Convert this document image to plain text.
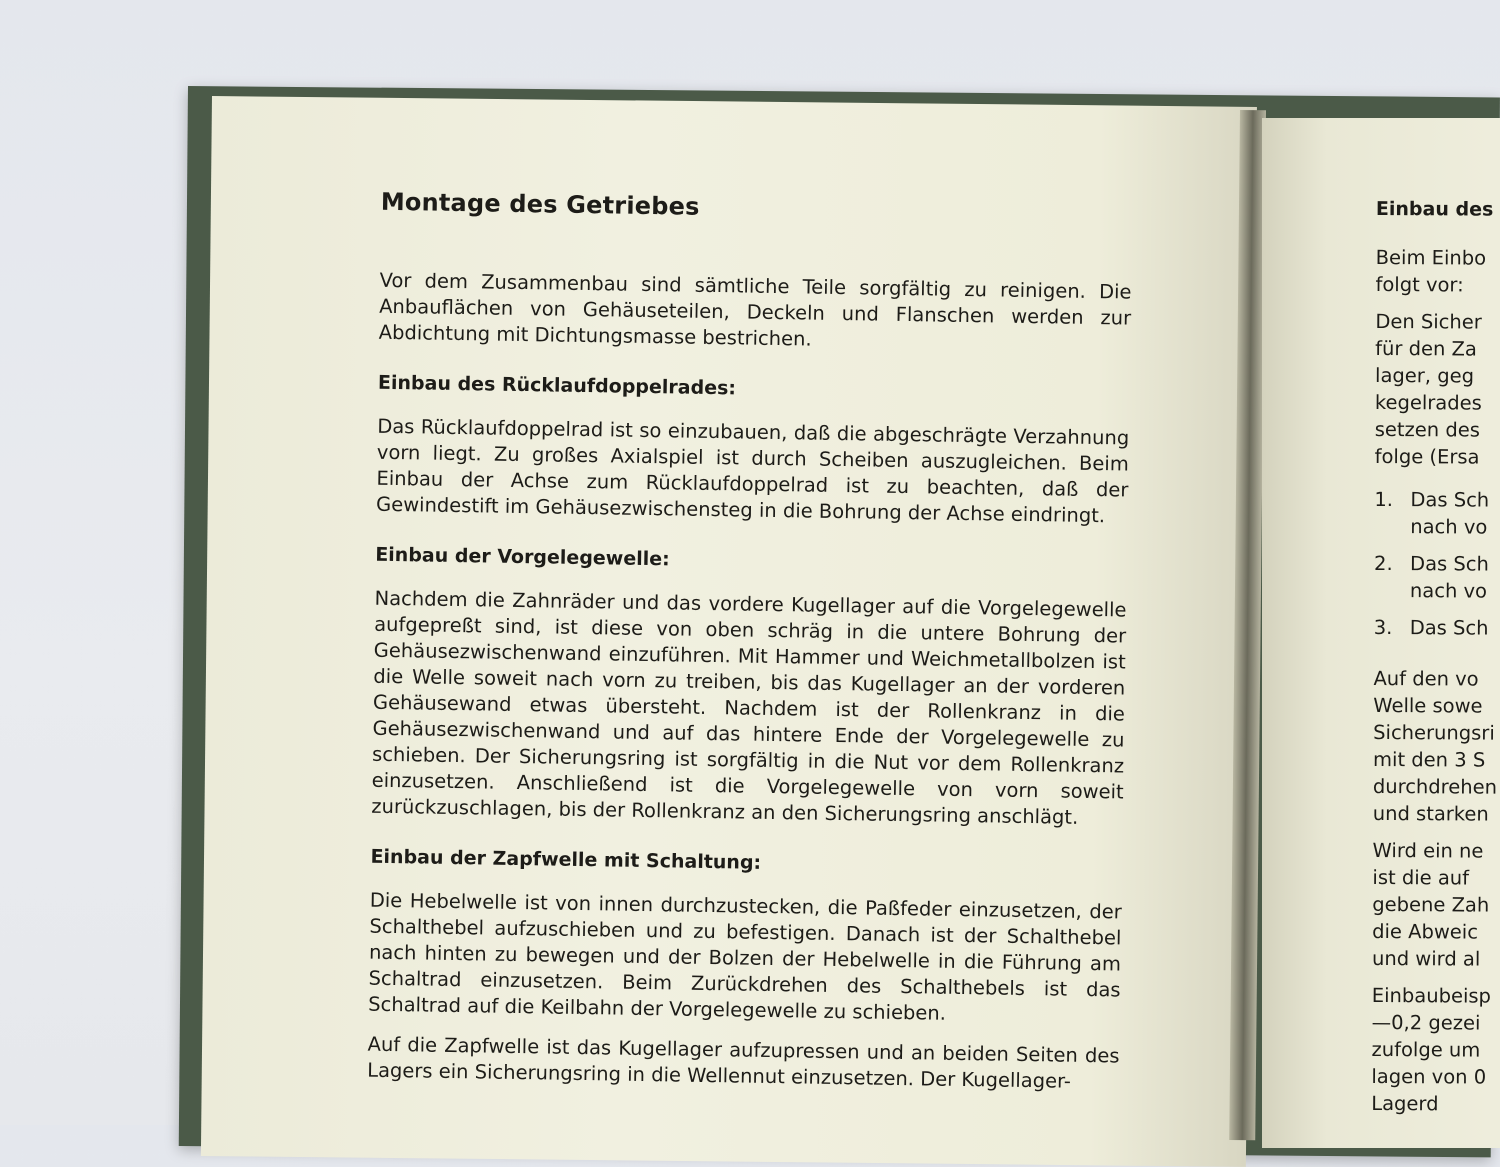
Montage des Getriebes

Vor dem Zusammenbau sind sämtliche Teile sorgfältig zu reinigen. Die Anbauflächen von Gehäuseteilen, Deckeln und Flanschen werden zur Abdichtung mit Dichtungsmasse bestrichen.

Einbau des Rücklaufdoppelrades:

Das Rücklaufdoppelrad ist so einzubauen, daß die abgeschrägte Verzahnung vorn liegt. Zu großes Axialspiel ist durch Scheiben auszugleichen. Beim Einbau der Achse zum Rücklaufdoppelrad ist zu beachten, daß der Gewindestift im Gehäusezwischensteg in die Bohrung der Achse eindringt.

Einbau der Vorgelegewelle:

Nachdem die Zahnräder und das vordere Kugellager auf die Vorgelegewelle aufgepreßt sind, ist diese von oben schräg in die untere Bohrung der Gehäusezwischenwand einzuführen. Mit Hammer und Weichmetallbolzen ist die Welle soweit nach vorn zu treiben, bis das Kugellager an der vorderen Gehäusewand etwas übersteht. Nachdem ist der Rollenkranz in die Gehäusezwischenwand und auf das hintere Ende der Vorgelegewelle zu schieben. Der Sicherungsring ist sorgfältig in die Nut vor dem Rollenkranz einzusetzen. Anschließend ist die Vorgelegewelle von vorn soweit zurückzuschlagen, bis der Rollenkranz an den Sicherungsring anschlägt.

Einbau der Zapfwelle mit Schaltung:

Die Hebelwelle ist von innen durchzustecken, die Paßfeder einzusetzen, der Schalthebel aufzuschieben und zu befestigen. Danach ist der Schalthebel nach hinten zu bewegen und der Bolzen der Hebelwelle in die Führung am Schaltrad einzusetzen. Beim Zurückdrehen des Schalthebels ist das Schaltrad auf die Keilbahn der Vorgelegewelle zu schieben.

Auf die Zapfwelle ist das Kugellager aufzupressen und an beiden Seiten des Lagers ein Sicherungsring in die Wellennut einzusetzen. Der Kugellager-

Einbau des
Beim Einbo
folgt vor:
Den Sicher
für den Za
lager, geg
kegelrades
setzen des
folge (Ersa
1. Das Sch
nach vo
2. Das Sch
nach vo
3. Das Sch
Auf den vo
Welle sowe
Sicherungsri
mit den 3 S
durchdrehen
und starken
Wird ein ne
ist die auf
gebene Zah
die Abweic
und wird al
Einbaubeisp
—0,2 gezei
zufolge um
lagen von 0
Lagerd
